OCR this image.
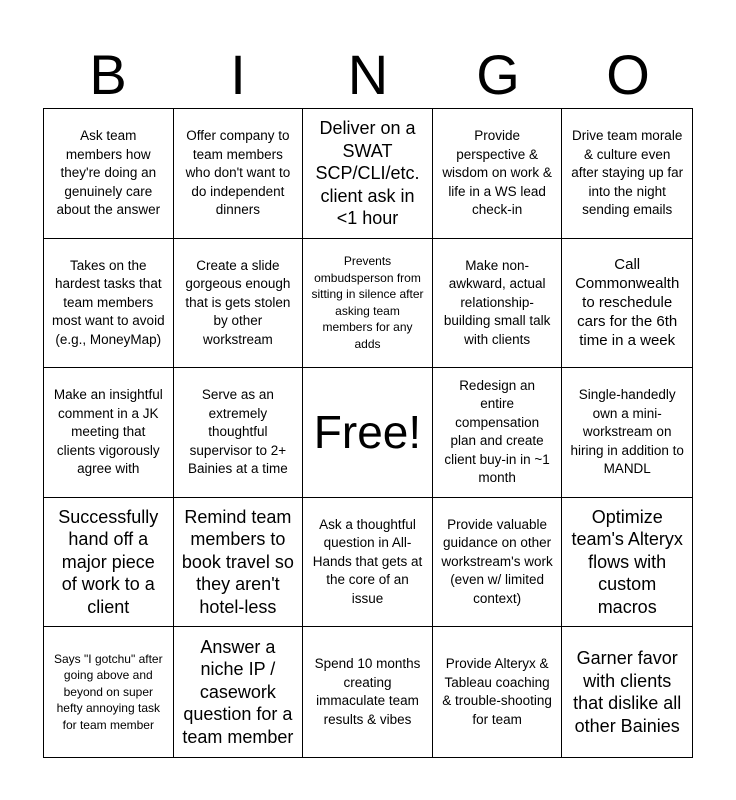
B	I	N	G	O
Ask team members how they're doing an genuinely care about the answer
Offer company to team members who don't want to do independent dinners
Deliver on a SWAT SCP/CLI/etc. client ask in <1 hour
Provide perspective & wisdom on work & life in a WS lead check-in
Drive team morale & culture even after staying up far into the night sending emails
Takes on the hardest tasks that team members most want to avoid (e.g., MoneyMap)
Create a slide gorgeous enough that is gets stolen by other workstream
Prevents ombudsperson from sitting in silence after asking team members for any adds
Make non-awkward, actual relationship-building small talk with clients
Call Commonwealth to reschedule cars for the 6th time in a week
Make an insightful comment in a JK meeting that clients vigorously agree with
Serve as an extremely thoughtful supervisor to 2+ Bainies at a time
Free!
Redesign an entire compensation plan and create client buy-in in ~1 month
Single-handedly own a mini-workstream on hiring in addition to MANDL
Successfully hand off a major piece of work to a client
Remind team members to book travel so they aren't hotel-less
Ask a thoughtful question in All-Hands that gets at the core of an issue
Provide valuable guidance on other workstream's work (even w/ limited context)
Optimize team's Alteryx flows with custom macros
Says "I gotchu" after going above and beyond on super hefty annoying task for team member
Answer a niche IP / casework question for a team member
Spend 10 months creating immaculate team results & vibes
Provide Alteryx & Tableau coaching & trouble-shooting for team
Garner favor with clients that dislike all other Bainies
